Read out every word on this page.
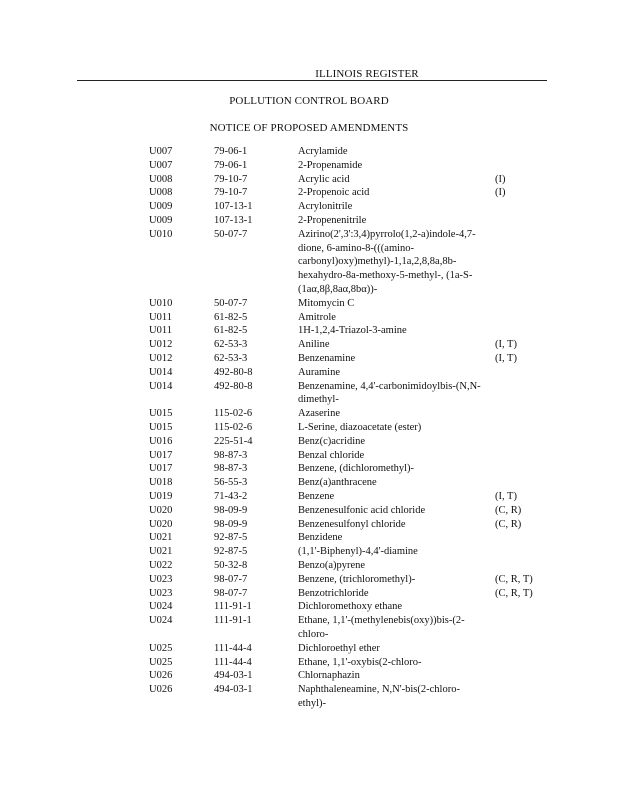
ILLINOIS REGISTER
POLLUTION CONTROL BOARD
NOTICE OF PROPOSED AMENDMENTS
U007	79-06-1	Acrylamide
U007	79-06-1	2-Propenamide
U008	79-10-7	Acrylic acid	(I)
U008	79-10-7	2-Propenoic acid	(I)
U009	107-13-1	Acrylonitrile
U009	107-13-1	2-Propenenitrile
U010	50-07-7	Azirino(2',3':3,4)pyrrolo(1,2-a)indole-4,7-dione, 6-amino-8-(((amino-carbonyl)oxy)methyl)-1,1a,2,8,8a,8b-hexahydro-8a-methoxy-5-methyl-, (1a-S-(1aα,8β,8aα,8bα))-
U010	50-07-7	Mitomycin C
U011	61-82-5	Amitrole
U011	61-82-5	1H-1,2,4-Triazol-3-amine
U012	62-53-3	Aniline	(I, T)
U012	62-53-3	Benzenamine	(I, T)
U014	492-80-8	Auramine
U014	492-80-8	Benzenamine, 4,4'-carbonimidoylbis-(N,N-dimethyl-
U015	115-02-6	Azaserine
U015	115-02-6	L-Serine, diazoacetate (ester)
U016	225-51-4	Benz(c)acridine
U017	98-87-3	Benzal chloride
U017	98-87-3	Benzene, (dichloromethyl)-
U018	56-55-3	Benz(a)anthracene
U019	71-43-2	Benzene	(I, T)
U020	98-09-9	Benzenesulfonic acid chloride	(C, R)
U020	98-09-9	Benzenesulfonyl chloride	(C, R)
U021	92-87-5	Benzidene
U021	92-87-5	(1,1'-Biphenyl)-4,4'-diamine
U022	50-32-8	Benzo(a)pyrene
U023	98-07-7	Benzene, (trichloromethyl)-	(C, R, T)
U023	98-07-7	Benzotrichloride	(C, R, T)
U024	111-91-1	Dichloromethoxy ethane
U024	111-91-1	Ethane, 1,1'-(methylenebis(oxy))bis-(2-chloro-
U025	111-44-4	Dichloroethyl ether
U025	111-44-4	Ethane, 1,1'-oxybis(2-chloro-
U026	494-03-1	Chlornaphazin
U026	494-03-1	Naphthaleneamine, N,N'-bis(2-chloro-ethyl)-
